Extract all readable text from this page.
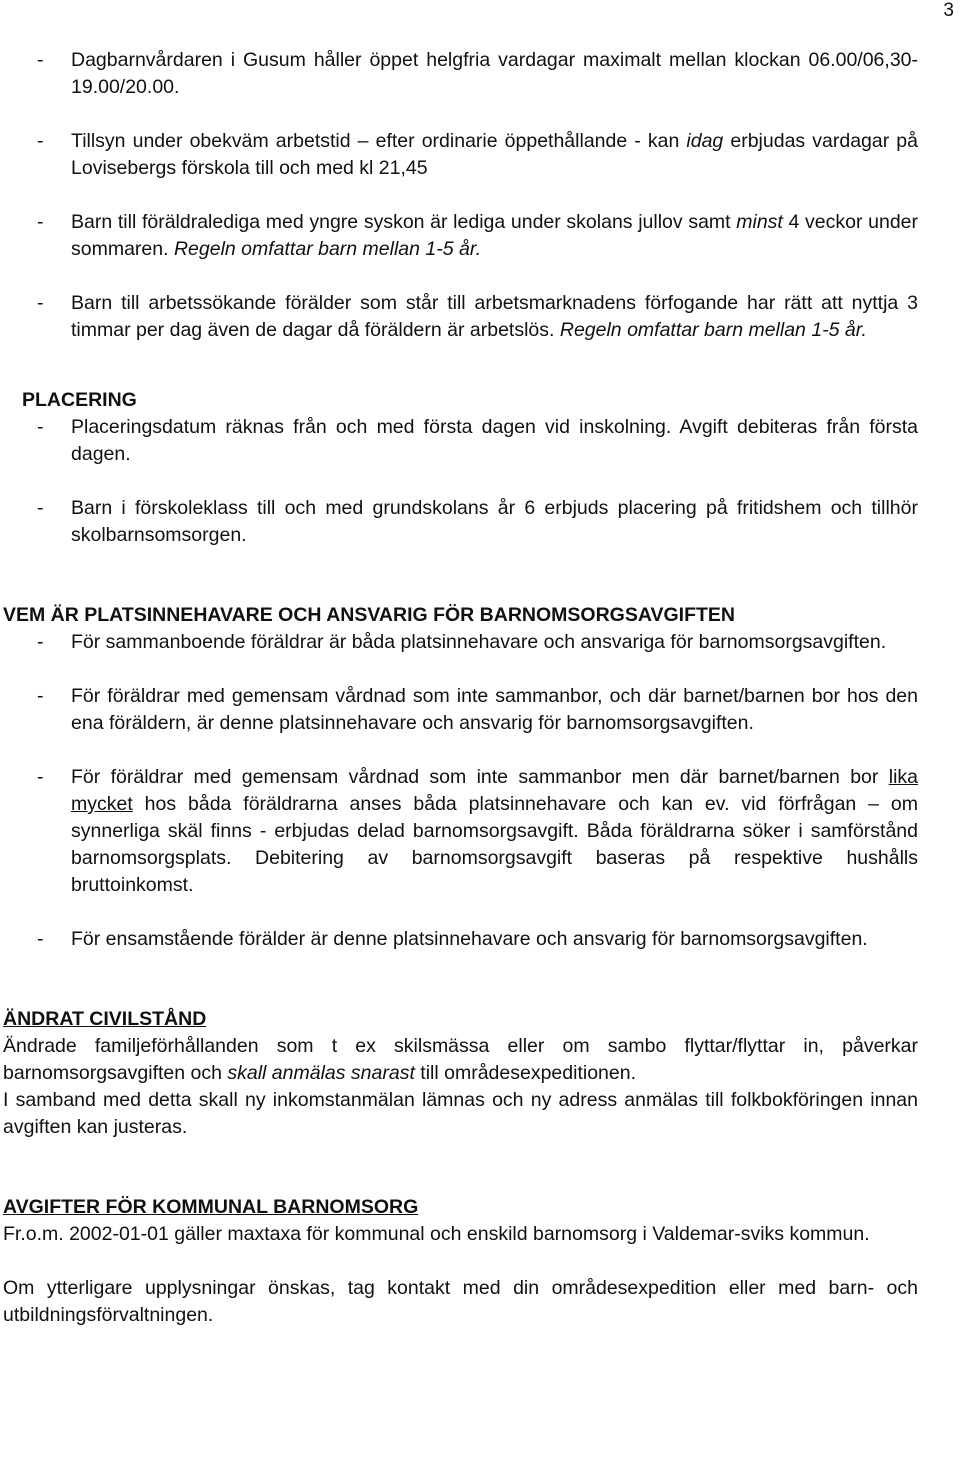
3

- Dagbarnvårdaren i Gusum håller öppet helgfria vardagar maximalt mellan klockan 06.00/06,30-19.00/20.00.

- Tillsyn under obekväm arbetstid – efter ordinarie öppethållande - kan idag erbjudas vardagar på Lovisebergs förskola till och med kl 21,45

- Barn till föräldralediga med yngre syskon är lediga under skolans jullov samt minst 4 veckor under sommaren. Regeln omfattar barn mellan 1-5 år.

- Barn till arbetssökande förälder som står till arbetsmarknadens förfogande har rätt att nyttja 3 timmar per dag även de dagar då föräldern är arbetslös. Regeln omfattar barn mellan 1-5 år.

PLACERING

- Placeringsdatum räknas från och med första dagen vid inskolning. Avgift debiteras från första dagen.

- Barn i förskoleklass till och med grundskolans år 6 erbjuds placering på fritidshem och tillhör skolbarnsomsorgen.

VEM ÄR PLATSINNEHAVARE OCH ANSVARIG FÖR BARNOMSORGSAVGIFTEN

- För sammanboende föräldrar är båda platsinnehavare och ansvariga för barnomsorgsavgiften.

- För föräldrar med gemensam vårdnad som inte sammanbor, och där barnet/barnen bor hos den ena föräldern, är denne platsinnehavare och ansvarig för barnomsorgsavgiften.

- För föräldrar med gemensam vårdnad som inte sammanbor men där barnet/barnen bor lika mycket hos båda föräldrarna anses båda platsinnehavare och kan ev. vid förfrågan – om synnerliga skäl finns - erbjudas delad barnomsorgsavgift. Båda föräldrarna söker i samförstånd barnomsorgsplats. Debitering av barnomsorgsavgift baseras på respektive hushålls bruttoinkomst.

- För ensamstående förälder är denne platsinnehavare och ansvarig för barnomsorgsavgiften.

ÄNDRAT CIVILSTÅND

Ändrade familjeförhållanden som t ex skilsmässa eller om sambo flyttar/flyttar in, påverkar barnomsorgsavgiften och skall anmälas snarast till områdesexpeditionen.

I samband med detta skall ny inkomstanmälan lämnas och ny adress anmälas till folkbokföringen innan avgiften kan justeras.

AVGIFTER FÖR KOMMUNAL BARNOMSORG

Fr.o.m. 2002-01-01 gäller maxtaxa för kommunal och enskild barnomsorg i Valdemar-sviks kommun.

Om ytterligare upplysningar önskas, tag kontakt med din områdesexpedition eller med barn- och utbildningsförvaltningen.
